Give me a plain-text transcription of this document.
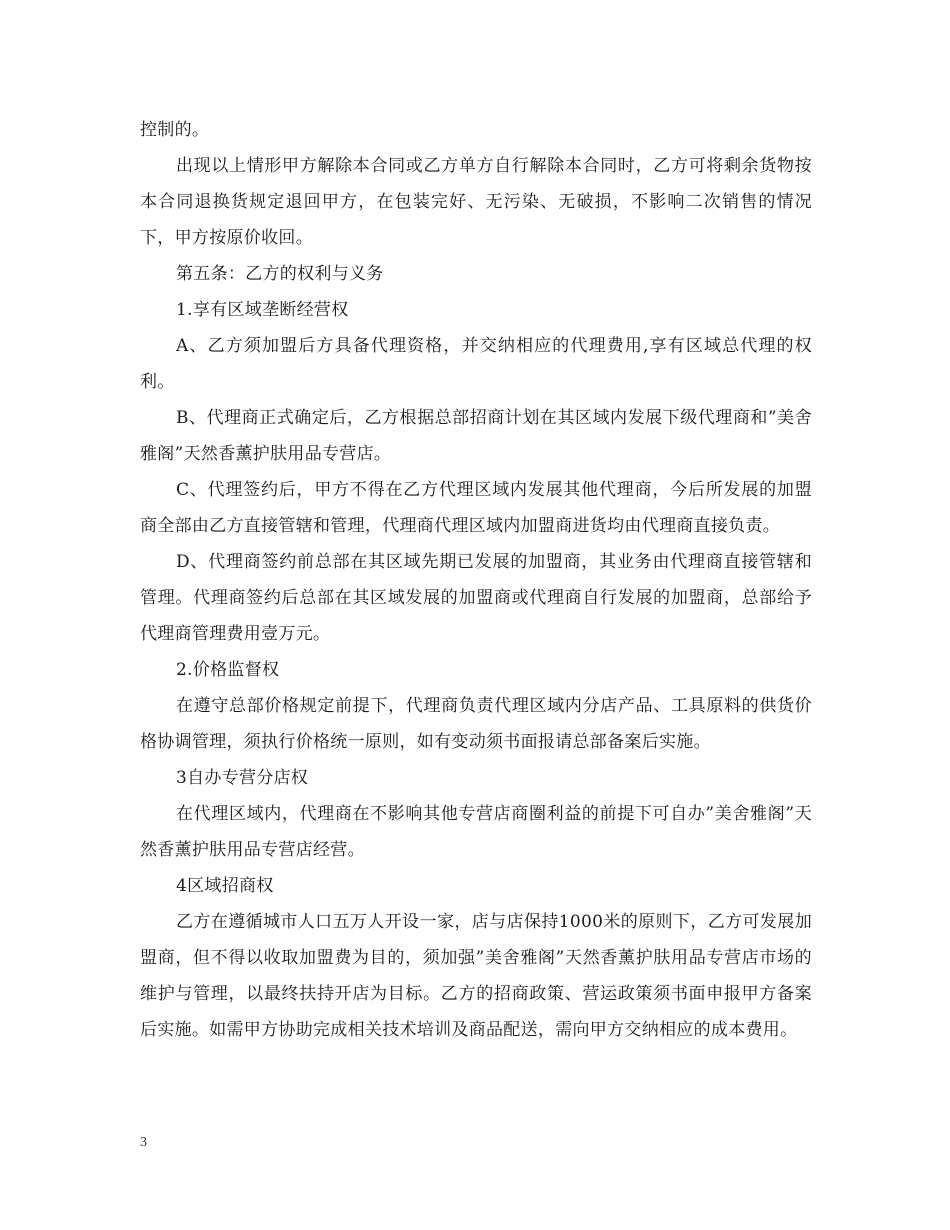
控制的。

出现以上情形甲方解除本合同或乙方单方自行解除本合同时，乙方可将剩余货物按本合同退换货规定退回甲方，在包装完好、无污染、无破损，不影响二次销售的情况下，甲方按原价收回。

第五条：乙方的权利与义务

1.享有区域垄断经营权

A、乙方须加盟后方具备代理资格，并交纳相应的代理费用,享有区域总代理的权利。

B、代理商正式确定后，乙方根据总部招商计划在其区域内发展下级代理商和”美舍雅阁”天然香薰护肤用品专营店。

C、代理签约后，甲方不得在乙方代理区域内发展其他代理商，今后所发展的加盟商全部由乙方直接管辖和管理，代理商代理区域内加盟商进货均由代理商直接负责。

D、代理商签约前总部在其区域先期已发展的加盟商，其业务由代理商直接管辖和管理。代理商签约后总部在其区域发展的加盟商或代理商自行发展的加盟商，总部给予代理商管理费用壹万元。

2.价格监督权

在遵守总部价格规定前提下，代理商负责代理区域内分店产品、工具原料的供货价格协调管理，须执行价格统一原则，如有变动须书面报请总部备案后实施。

3自办专营分店权

在代理区域内，代理商在不影响其他专营店商圈利益的前提下可自办”美舍雅阁”天然香薰护肤用品专营店经营。

4区域招商权

乙方在遵循城市人口五万人开设一家，店与店保持1000米的原则下，乙方可发展加盟商，但不得以收取加盟费为目的，须加强”美舍雅阁”天然香薰护肤用品专营店市场的维护与管理，以最终扶持开店为目标。乙方的招商政策、营运政策须书面申报甲方备案后实施。如需甲方协助完成相关技术培训及商品配送，需向甲方交纳相应的成本费用。

3
